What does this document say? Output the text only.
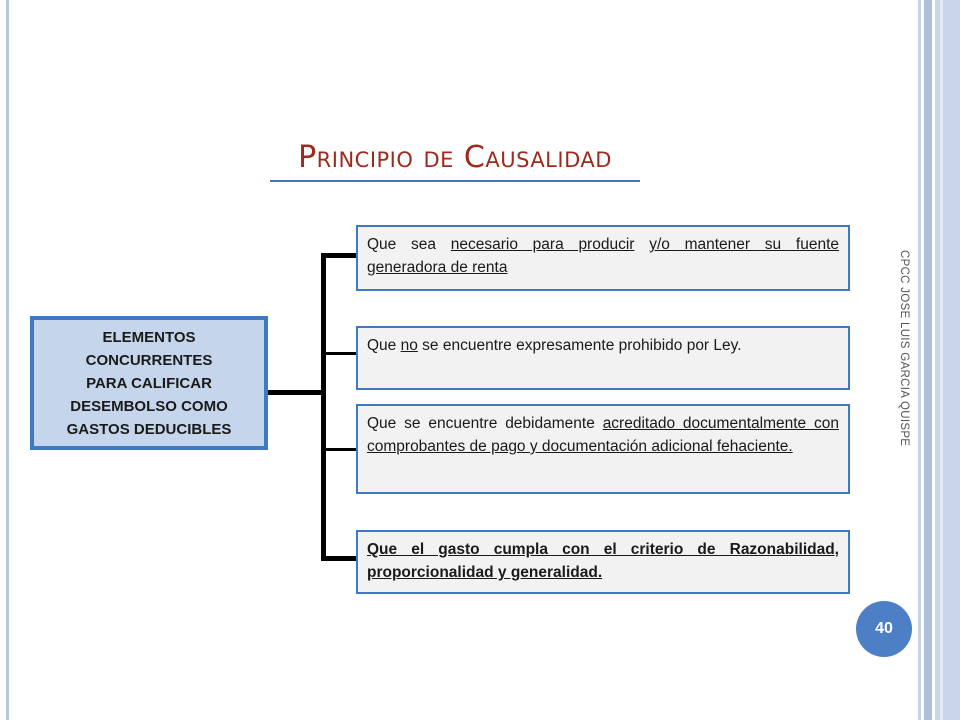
Principio de Causalidad
ELEMENTOS
CONCURRENTES
PARA CALIFICAR
DESEMBOLSO COMO
GASTOS DEDUCIBLES
Que sea necesario para producir y/o mantener su fuente generadora de renta
Que no se encuentre expresamente prohibido por Ley.
Que se encuentre debidamente acreditado documentalmente con comprobantes de pago y documentación adicional fehaciente.
Que el gasto cumpla con el criterio de Razonabilidad, proporcionalidad y generalidad.
CPCC JOSE LUIS GARCIA QUISPE
40
